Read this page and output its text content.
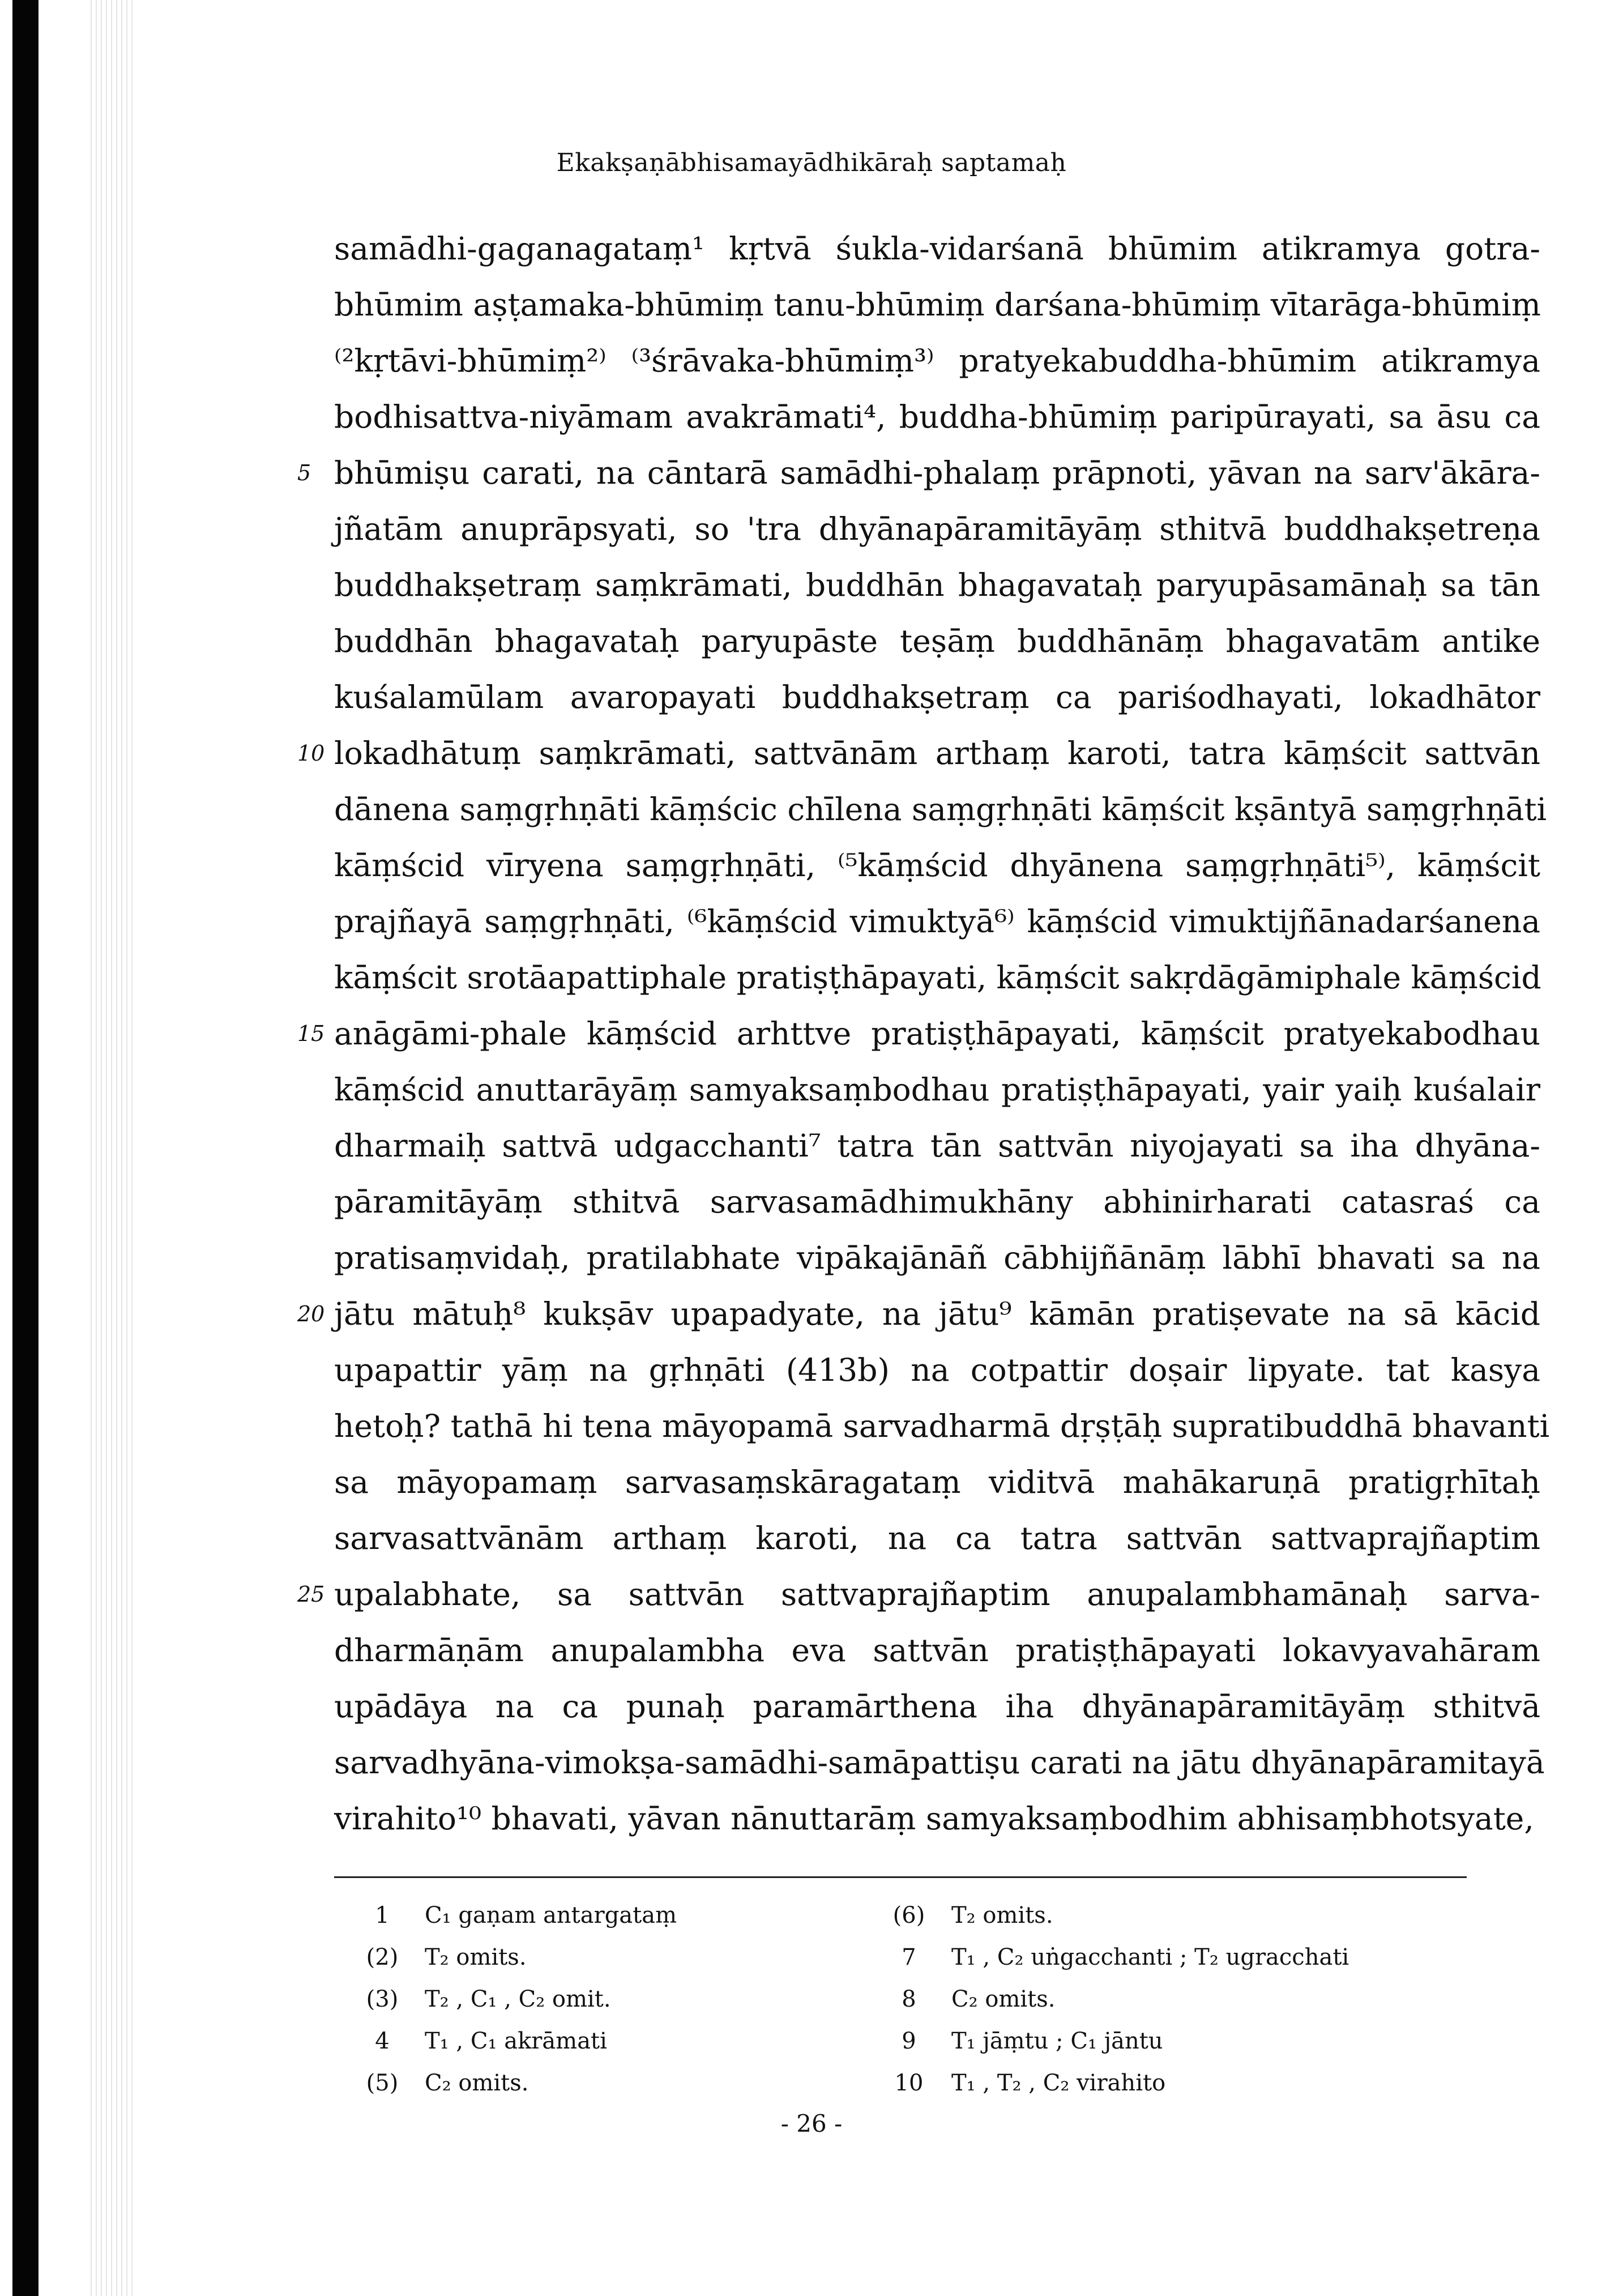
Ekakṣaṇābhisamayādhikāraḥ saptamaḥ
samādhi-gaganagataṃ¹ kṛtvā śukla-vidarśanā bhūmim atikramya gotra-
bhūmim aṣṭamaka-bhūmiṃ tanu-bhūmiṃ darśana-bhūmiṃ vītarāga-bhūmiṃ
⁽²kṛtāvi-bhūmiṃ²⁾ ⁽³śrāvaka-bhūmiṃ³⁾ pratyekabuddha-bhūmim atikramya
bodhisattva-niyāmam avakrāmati⁴, buddha-bhūmiṃ paripūrayati, sa āsu ca
5 bhūmiṣu carati, na cāntarā samādhi-phalaṃ prāpnoti, yāvan na sarv'ākāra-
jñatām anuprāpsyati, so 'tra dhyānapāramitāyāṃ sthitvā buddhakṣetreṇa
buddhakṣetraṃ saṃkrāmati, buddhān bhagavataḥ paryupāsamānaḥ sa tān
buddhān bhagavataḥ paryupāste teṣāṃ buddhānāṃ bhagavatām antike
kuśalamūlam avaropayati buddhakṣetraṃ ca pariśodhayati, lokadhātor
10 lokadhātuṃ saṃkrāmati, sattvānām arthaṃ karoti, tatra kāṃścit sattvān
dānena saṃgṛhṇāti kāṃścic chīlena saṃgṛhṇāti kāṃścit kṣāntyā saṃgṛhṇāti
kāṃścid vīryena saṃgṛhṇāti, ⁽⁵kāṃścid dhyānena saṃgṛhṇāti⁵⁾, kāṃścit
prajñayā saṃgṛhṇāti, ⁽⁶kāṃścid vimuktyā⁶⁾ kāṃścid vimuktijñānadarśanena
kāṃścit srotāapattiphale pratiṣṭhāpayati, kāṃścit sakṛdāgāmiphale kāṃścid
15 anāgāmi-phale kāṃścid arhttve pratiṣṭhāpayati, kāṃścit pratyekabodhau
kāṃścid anuttarāyāṃ samyaksaṃbodhau pratiṣṭhāpayati, yair yaiḥ kuśalair
dharmaiḥ sattvā udgacchanti⁷ tatra tān sattvān niyojayati sa iha dhyāna-
pāramitāyāṃ sthitvā sarvasamādhimukhāny abhinirharati catasraś ca
pratisaṃvidaḥ, pratilabhate vipākajānāñ cābhijñānāṃ lābhī bhavati sa na
20 jātu mātuḥ⁸ kukṣāv upapadyate, na jātu⁹ kāmān pratiṣevate na sā kācid
upapattir yāṃ na gṛhṇāti (413b) na cotpattir doṣair lipyate. tat kasya
hetoḥ? tathā hi tena māyopamā sarvadharmā dṛṣṭāḥ supratibuddhā bhavanti
sa māyopamaṃ sarvasaṃskāragataṃ viditvā mahākaruṇā pratigṛhītaḥ
sarvasattvānām arthaṃ karoti, na ca tatra sattvān sattvaprajñaptim
25 upalabhate, sa sattvān sattvaprajñaptim anupalambhamānaḥ sarva-
dharmāṇām anupalambha eva sattvān pratiṣṭhāpayati lokavyavahāram
upādāya na ca punaḥ paramārthena iha dhyānapāramitāyāṃ sthitvā
sarvadhyāna-vimokṣa-samādhi-samāpattiṣu carati na jātu dhyānapāramitayā
virahito¹⁰ bhavati, yāvan nānuttarāṃ samyaksaṃbodhim abhisaṃbhotsyate,
1 C₁ gaṇam antargataṃ
(2) T₂ omits.
(3) T₂ , C₁ , C₂ omit.
4 T₁ , C₁ akrāmati
(5) C₂ omits.
(6) T₂ omits.
7 T₁ , C₂ uṅgacchanti ; T₂ ugracchati
8 C₂ omits.
9 T₁ jāṃtu ; C₁ jāntu
10 T₁ , T₂ , C₂ virahito
- 26 -
